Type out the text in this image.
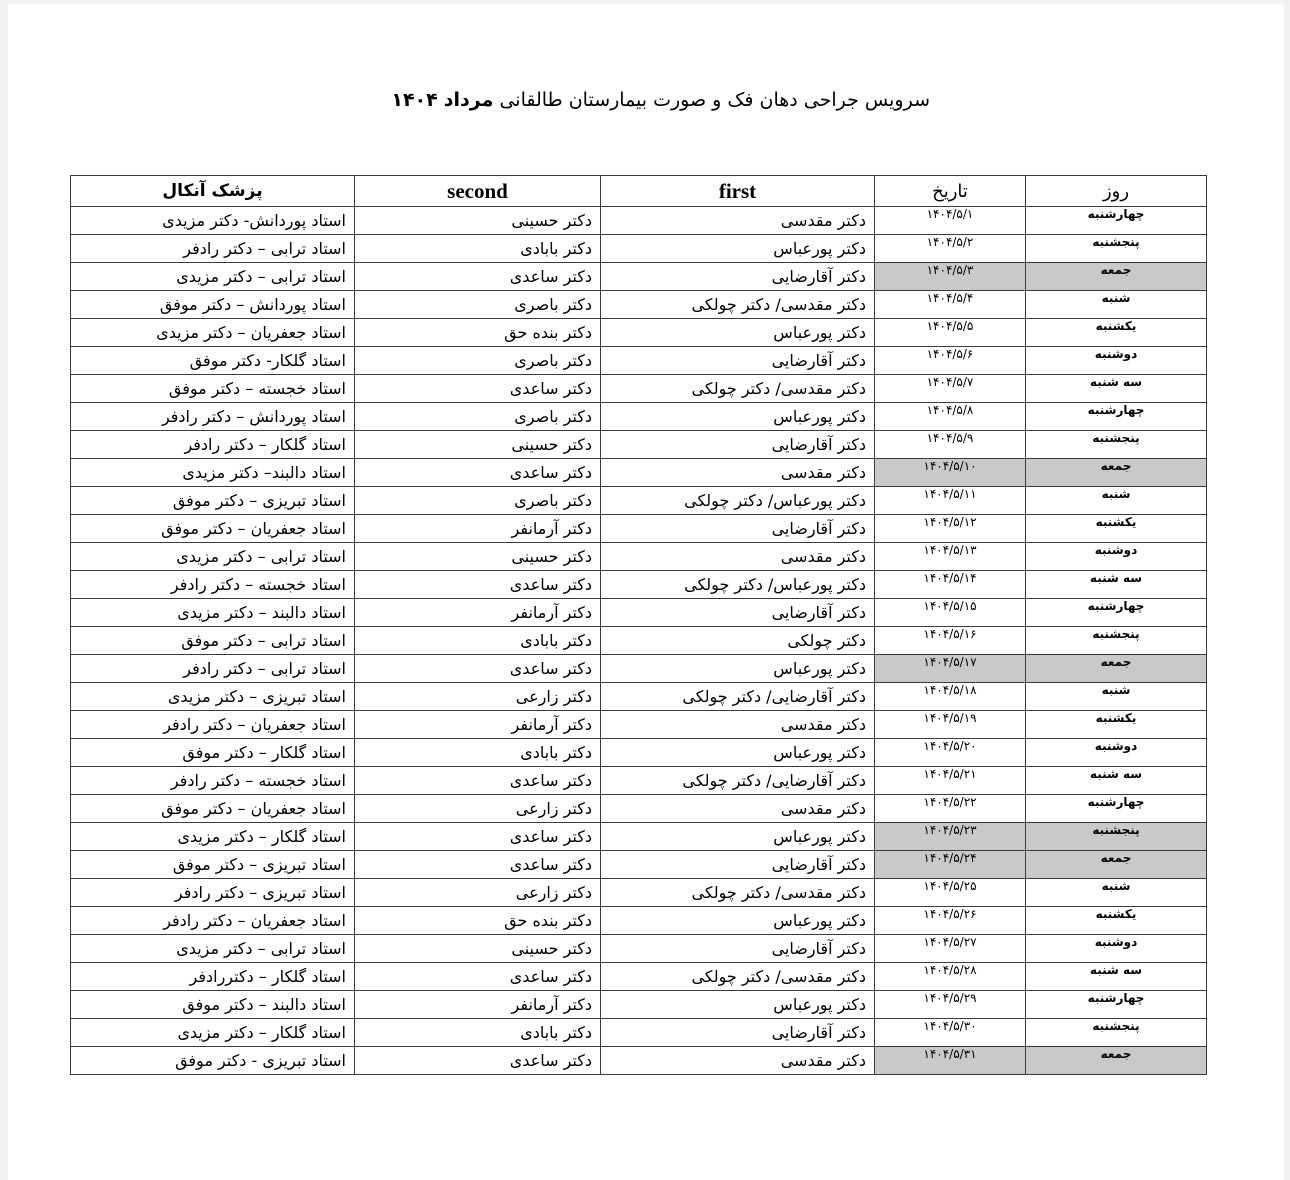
سرویس جراحی دهان فک و صورت بیمارستان طالقانی مرداد ۱۴۰۴
پزشک آنکال	second	first	تاریخ	روز
استاد پوردانش- دکتر مزیدی	دکتر حسینی	دکتر مقدسی	۱۴۰۴/۵/۱	چهارشنبه
استاد ترابی – دکتر رادفر	دکتر بابادی	دکتر پورعباس	۱۴۰۴/۵/۲	پنجشنبه
استاد ترابی – دکتر مزیدی	دکتر ساعدی	دکتر آقارضایی	۱۴۰۴/۵/۳	جمعه
استاد پوردانش – دکتر موفق	دکتر باصری	دکتر مقدسی/ دکتر چولکی	۱۴۰۴/۵/۴	شنبه
استاد جعفریان – دکتر مزیدی	دکتر بنده حق	دکتر پورعباس	۱۴۰۴/۵/۵	یکشنبه
استاد گلکار- دکتر موفق	دکتر باصری	دکتر آقارضایی	۱۴۰۴/۵/۶	دوشنبه
استاد خجسته – دکتر موفق	دکتر ساعدی	دکتر مقدسی/ دکتر چولکی	۱۴۰۴/۵/۷	سه شنبه
استاد پوردانش – دکتر رادفر	دکتر باصری	دکتر پورعباس	۱۴۰۴/۵/۸	چهارشنبه
استاد گلکار – دکتر رادفر	دکتر حسینی	دکتر آقارضایی	۱۴۰۴/۵/۹	پنجشنبه
استاد دالبند– دکتر مزیدی	دکتر ساعدی	دکتر مقدسی	۱۴۰۴/۵/۱۰	جمعه
استاد تبریزی – دکتر موفق	دکتر باصری	دکتر پورعباس/ دکتر چولکی	۱۴۰۴/۵/۱۱	شنبه
استاد جعفریان – دکتر موفق	دکتر آرمانفر	دکتر آقارضایی	۱۴۰۴/۵/۱۲	یکشنبه
استاد ترابی – دکتر مزیدی	دکتر حسینی	دکتر مقدسی	۱۴۰۴/۵/۱۳	دوشنبه
استاد خجسته – دکتر رادفر	دکتر ساعدی	دکتر پورعباس/ دکتر چولکی	۱۴۰۴/۵/۱۴	سه شنبه
استاد دالبند – دکتر مزیدی	دکتر آرمانفر	دکتر آقارضایی	۱۴۰۴/۵/۱۵	چهارشنبه
استاد ترابی – دکتر موفق	دکتر بابادی	دکتر چولکی	۱۴۰۴/۵/۱۶	پنجشنبه
استاد ترابی – دکتر رادفر	دکتر ساعدی	دکتر پورعباس	۱۴۰۴/۵/۱۷	جمعه
استاد تبریزی – دکتر مزیدی	دکتر زارعی	دکتر آقارضایی/ دکتر چولکی	۱۴۰۴/۵/۱۸	شنبه
استاد جعفریان – دکتر رادفر	دکتر آرمانفر	دکتر مقدسی	۱۴۰۴/۵/۱۹	یکشنبه
استاد گلکار – دکتر موفق	دکتر بابادی	دکتر پورعباس	۱۴۰۴/۵/۲۰	دوشنبه
استاد خجسته – دکتر رادفر	دکتر ساعدی	دکتر آقارضایی/ دکتر چولکی	۱۴۰۴/۵/۲۱	سه شنبه
استاد جعفریان – دکتر موفق	دکتر زارعی	دکتر مقدسی	۱۴۰۴/۵/۲۲	چهارشنبه
استاد گلکار – دکتر مزیدی	دکتر ساعدی	دکتر پورعباس	۱۴۰۴/۵/۲۳	پنجشنبه
استاد تبریزی – دکتر موفق	دکتر ساعدی	دکتر آقارضایی	۱۴۰۴/۵/۲۴	جمعه
استاد تبریزی – دکتر رادفر	دکتر زارعی	دکتر مقدسی/ دکتر چولکی	۱۴۰۴/۵/۲۵	شنبه
استاد جعفریان – دکتر رادفر	دکتر بنده حق	دکتر پورعباس	۱۴۰۴/۵/۲۶	یکشنبه
استاد ترابی – دکتر مزیدی	دکتر حسینی	دکتر آقارضایی	۱۴۰۴/۵/۲۷	دوشنبه
استاد گلکار – دکتررادفر	دکتر ساعدی	دکتر مقدسی/ دکتر چولکی	۱۴۰۴/۵/۲۸	سه شنبه
استاد دالبند – دکتر موفق	دکتر آرمانفر	دکتر پورعباس	۱۴۰۴/۵/۲۹	چهارشنبه
استاد گلکار – دکتر مزیدی	دکتر بابادی	دکتر آقارضایی	۱۴۰۴/۵/۳۰	پنجشنبه
استاد تبریزی - دکتر موفق	دکتر ساعدی	دکتر مقدسی	۱۴۰۴/۵/۳۱	جمعه
